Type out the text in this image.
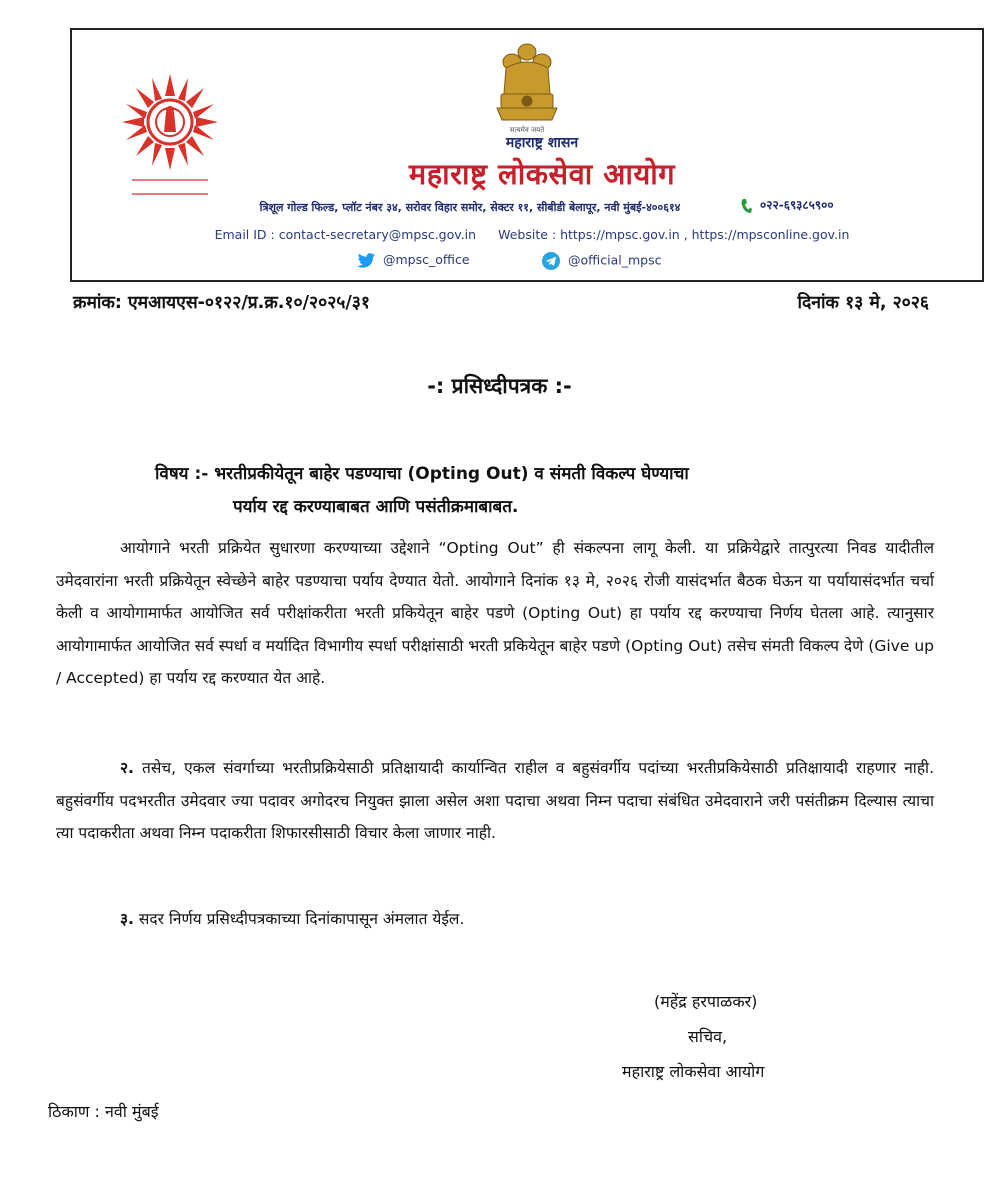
सत्यमेव जयते
महाराष्ट्र शासन
महाराष्ट्र लोकसेवा आयोग
त्रिशूल गोल्ड फिल्ड, प्लॉट नंबर ३४, सरोवर विहार समोर, सेक्टर ११, सीबीडी बेलापूर, नवी मुंबई-४००६१४	०२२-६९३८५९००
Email ID : contact-secretary@mpsc.gov.in Website : https://mpsc.gov.in , https://mpsconline.gov.in
@mpsc_office	@official_mpsc
क्रमांक: एमआयएस-०१२२/प्र.क्र.१०/२०२५/३१	दिनांक १३ मे, २०२६
-: प्रसिध्दीपत्रक :-
विषय :- भरतीप्रकीयेतून बाहेर पडण्याचा (Opting Out) व संमती विकल्प घेण्याचा
पर्याय रद्द करण्याबाबत आणि पसंतीक्रमाबाबत.
आयोगाने भरती प्रक्रियेत सुधारणा करण्याच्या उद्देशाने “Opting Out” ही संकल्पना लागू केली. या प्रक्रियेद्वारे तात्पुरत्या निवड यादीतील उमेदवारांना भरती प्रक्रियेतून स्वेच्छेने बाहेर पडण्याचा पर्याय देण्यात येतो. आयोगाने दिनांक १३ मे, २०२६ रोजी यासंदर्भात बैठक घेऊन या पर्यायासंदर्भात चर्चा केली व आयोगामार्फत आयोजित सर्व परीक्षांकरीता भरती प्रकियेतून बाहेर पडणे (Opting Out) हा पर्याय रद्द करण्याचा निर्णय घेतला आहे. त्यानुसार आयोगामार्फत आयोजित सर्व स्पर्धा व मर्यादित विभागीय स्पर्धा परीक्षांसाठी भरती प्रकियेतून बाहेर पडणे (Opting Out) तसेच संमती विकल्प देणे (Give up / Accepted) हा पर्याय रद्द करण्यात येत आहे.
२. तसेच, एकल संवर्गाच्या भरतीप्रक्रियेसाठी प्रतिक्षायादी कार्यान्वित राहील व बहुसंवर्गीय पदांच्या भरतीप्रकियेसाठी प्रतिक्षायादी राहणार नाही. बहुसंवर्गीय पदभरतीत उमेदवार ज्या पदावर अगोदरच नियुक्त झाला असेल अशा पदाचा अथवा निम्न पदाचा संबंधित उमेदवाराने जरी पसंतीक्रम दिल्यास त्याचा त्या पदाकरीता अथवा निम्न पदाकरीता शिफारसीसाठी विचार केला जाणार नाही.
३. सदर निर्णय प्रसिध्दीपत्रकाच्या दिनांकापासून अंमलात येईल.
(महेंद्र हरपाळकर)
सचिव,
महाराष्ट्र लोकसेवा आयोग
ठिकाण : नवी मुंबई
